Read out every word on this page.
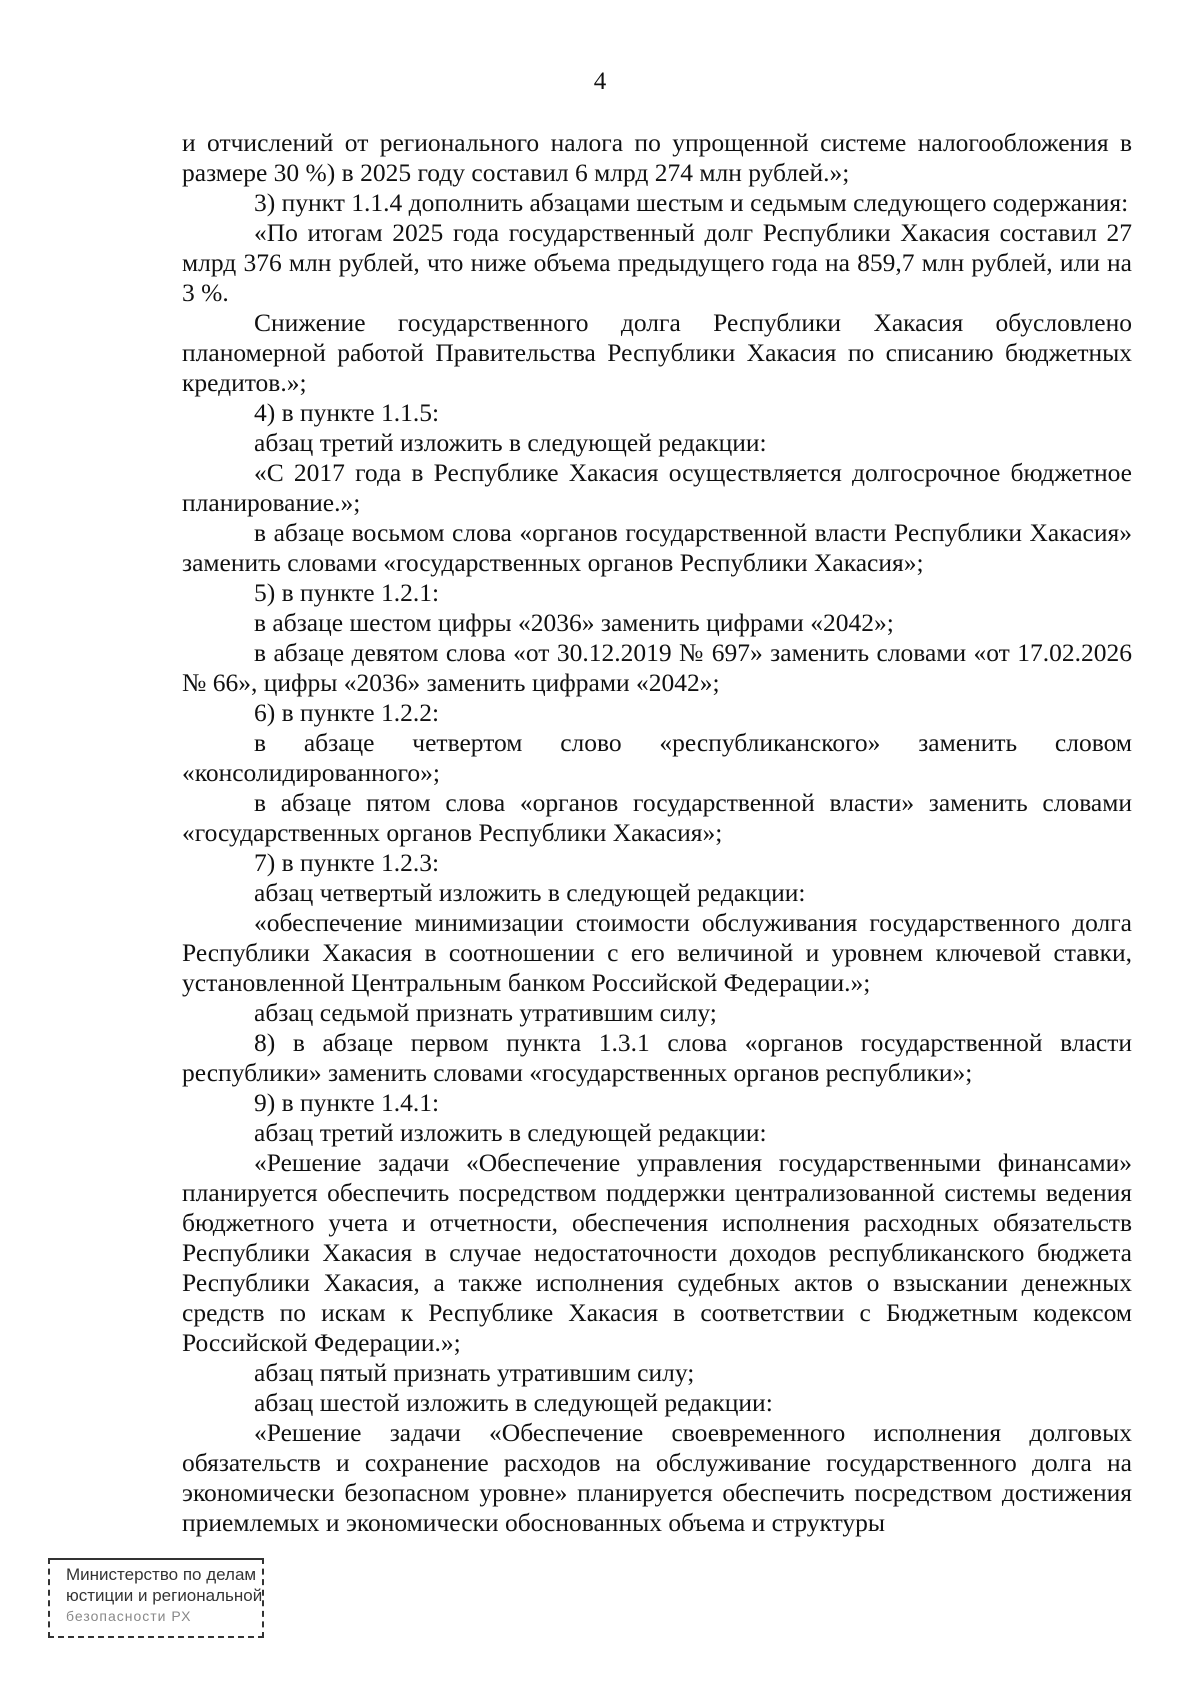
4

и отчислений от регионального налога по упрощенной системе налогообложения в размере 30 %) в 2025 году составил 6 млрд 274 млн рублей.»;

3) пункт 1.1.4 дополнить абзацами шестым и седьмым следующего содержания:

«По итогам 2025 года государственный долг Республики Хакасия составил 27 млрд 376 млн рублей, что ниже объема предыдущего года на 859,7 млн рублей, или на 3 %.

Снижение государственного долга Республики Хакасия обусловлено планомерной работой Правительства Республики Хакасия по списанию бюджетных кредитов.»;

4) в пункте 1.1.5:

абзац третий изложить в следующей редакции:

«С 2017 года в Республике Хакасия осуществляется долгосрочное бюджетное планирование.»;

в абзаце восьмом слова «органов государственной власти Республики Хакасия» заменить словами «государственных органов Республики Хакасия»;

5) в пункте 1.2.1:

в абзаце шестом цифры «2036» заменить цифрами «2042»;

в абзаце девятом слова «от 30.12.2019 № 697» заменить словами «от 17.02.2026 № 66», цифры «2036» заменить цифрами «2042»;

6) в пункте 1.2.2:

в абзаце четвертом слово «республиканского» заменить словом «консолидированного»;

в абзаце пятом слова «органов государственной власти» заменить словами «государственных органов Республики Хакасия»;

7) в пункте 1.2.3:

абзац четвертый изложить в следующей редакции:

«обеспечение минимизации стоимости обслуживания государственного долга Республики Хакасия в соотношении с его величиной и уровнем ключевой ставки, установленной Центральным банком Российской Федерации.»;

абзац седьмой признать утратившим силу;

8) в абзаце первом пункта 1.3.1 слова «органов государственной власти республики» заменить словами «государственных органов республики»;

9) в пункте 1.4.1:

абзац третий изложить в следующей редакции:

«Решение задачи «Обеспечение управления государственными финансами» планируется обеспечить посредством поддержки централизованной системы ведения бюджетного учета и отчетности, обеспечения исполнения расходных обязательств Республики Хакасия в случае недостаточности доходов республиканского бюджета Республики Хакасия, а также исполнения судебных актов о взыскании денежных средств по искам к Республике Хакасия в соответствии с Бюджетным кодексом Российской Федерации.»;

абзац пятый признать утратившим силу;

абзац шестой изложить в следующей редакции:

«Решение задачи «Обеспечение своевременного исполнения долговых обязательств и сохранение расходов на обслуживание государственного долга на экономически безопасном уровне» планируется обеспечить посредством достижения приемлемых и экономически обоснованных объема и структуры

Министерство по делам
юстиции и региональной
безопасности РХ
